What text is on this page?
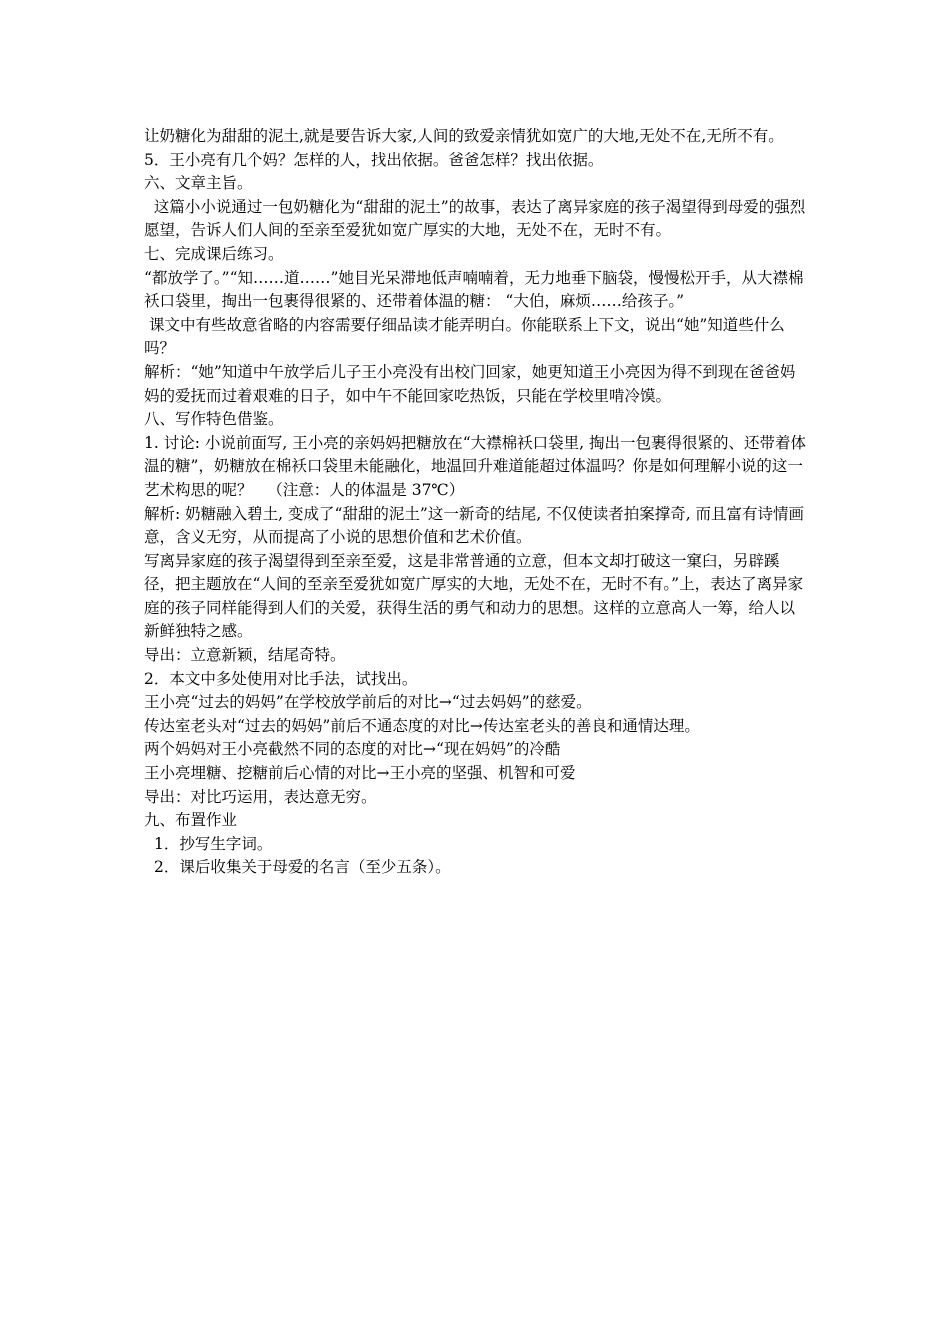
让奶糖化为甜甜的泥土,就是要告诉大家,人间的致爱亲情犹如宽广的大地,无处不在,无所不有。
5．王小亮有几个妈？怎样的人，找出依据。爸爸怎样？找出依据。
六、文章主旨。
这篇小小说通过一包奶糖化为“甜甜的泥土”的故事，表达了离异家庭的孩子渴望得到母爱的强烈愿望，告诉人们人间的至亲至爱犹如宽广厚实的大地，无处不在，无时不有。
七、完成课后练习。
“都放学了。”“知……道……”她目光呆滞地低声喃喃着，无力地垂下脑袋，慢慢松开手，从大襟棉袄口袋里，掏出一包裹得很紧的、还带着体温的糖： “大伯，麻烦……给孩子。”
课文中有些故意省略的内容需要仔细品读才能弄明白。你能联系上下文，说出“她”知道些什么吗？
解析：“她”知道中午放学后儿子王小亮没有出校门回家，她更知道王小亮因为得不到现在爸爸妈妈的爱抚而过着艰难的日子，如中午不能回家吃热饭，只能在学校里啃冷馍。
八、写作特色借鉴。
1. 讨论: 小说前面写, 王小亮的亲妈妈把糖放在“大襟棉袄口袋里, 掏出一包裹得很紧的、还带着体温的糖”，奶糖放在棉袄口袋里未能融化，地温回升难道能超过体温吗？你是如何理解小说的这一艺术构思的呢？   （注意：人的体温是 37℃）
解析: 奶糖融入碧土, 变成了“甜甜的泥土”这一新奇的结尾, 不仅使读者拍案撑奇, 而且富有诗情画意，含义无穷，从而提高了小说的思想价值和艺术价值。
写离异家庭的孩子渴望得到至亲至爱，这是非常普通的立意，但本文却打破这一窠臼，另辟蹊径，把主题放在“人间的至亲至爱犹如宽广厚实的大地，无处不在，无时不有。”上，表达了离异家庭的孩子同样能得到人们的关爱，获得生活的勇气和动力的思想。这样的立意高人一筹，给人以新鲜独特之感。
导出：立意新颖，结尾奇特。
2．本文中多处使用对比手法，试找出。
王小亮“过去的妈妈”在学校放学前后的对比→“过去妈妈”的慈爱。
传达室老头对“过去的妈妈”前后不通态度的对比→传达室老头的善良和通情达理。
两个妈妈对王小亮截然不同的态度的对比→“现在妈妈”的冷酷
王小亮埋糖、挖糖前后心情的对比→王小亮的坚强、机智和可爱
导出：对比巧运用，表达意无穷。
九、布置作业
1．抄写生字词。
2．课后收集关于母爱的名言（至少五条）。
